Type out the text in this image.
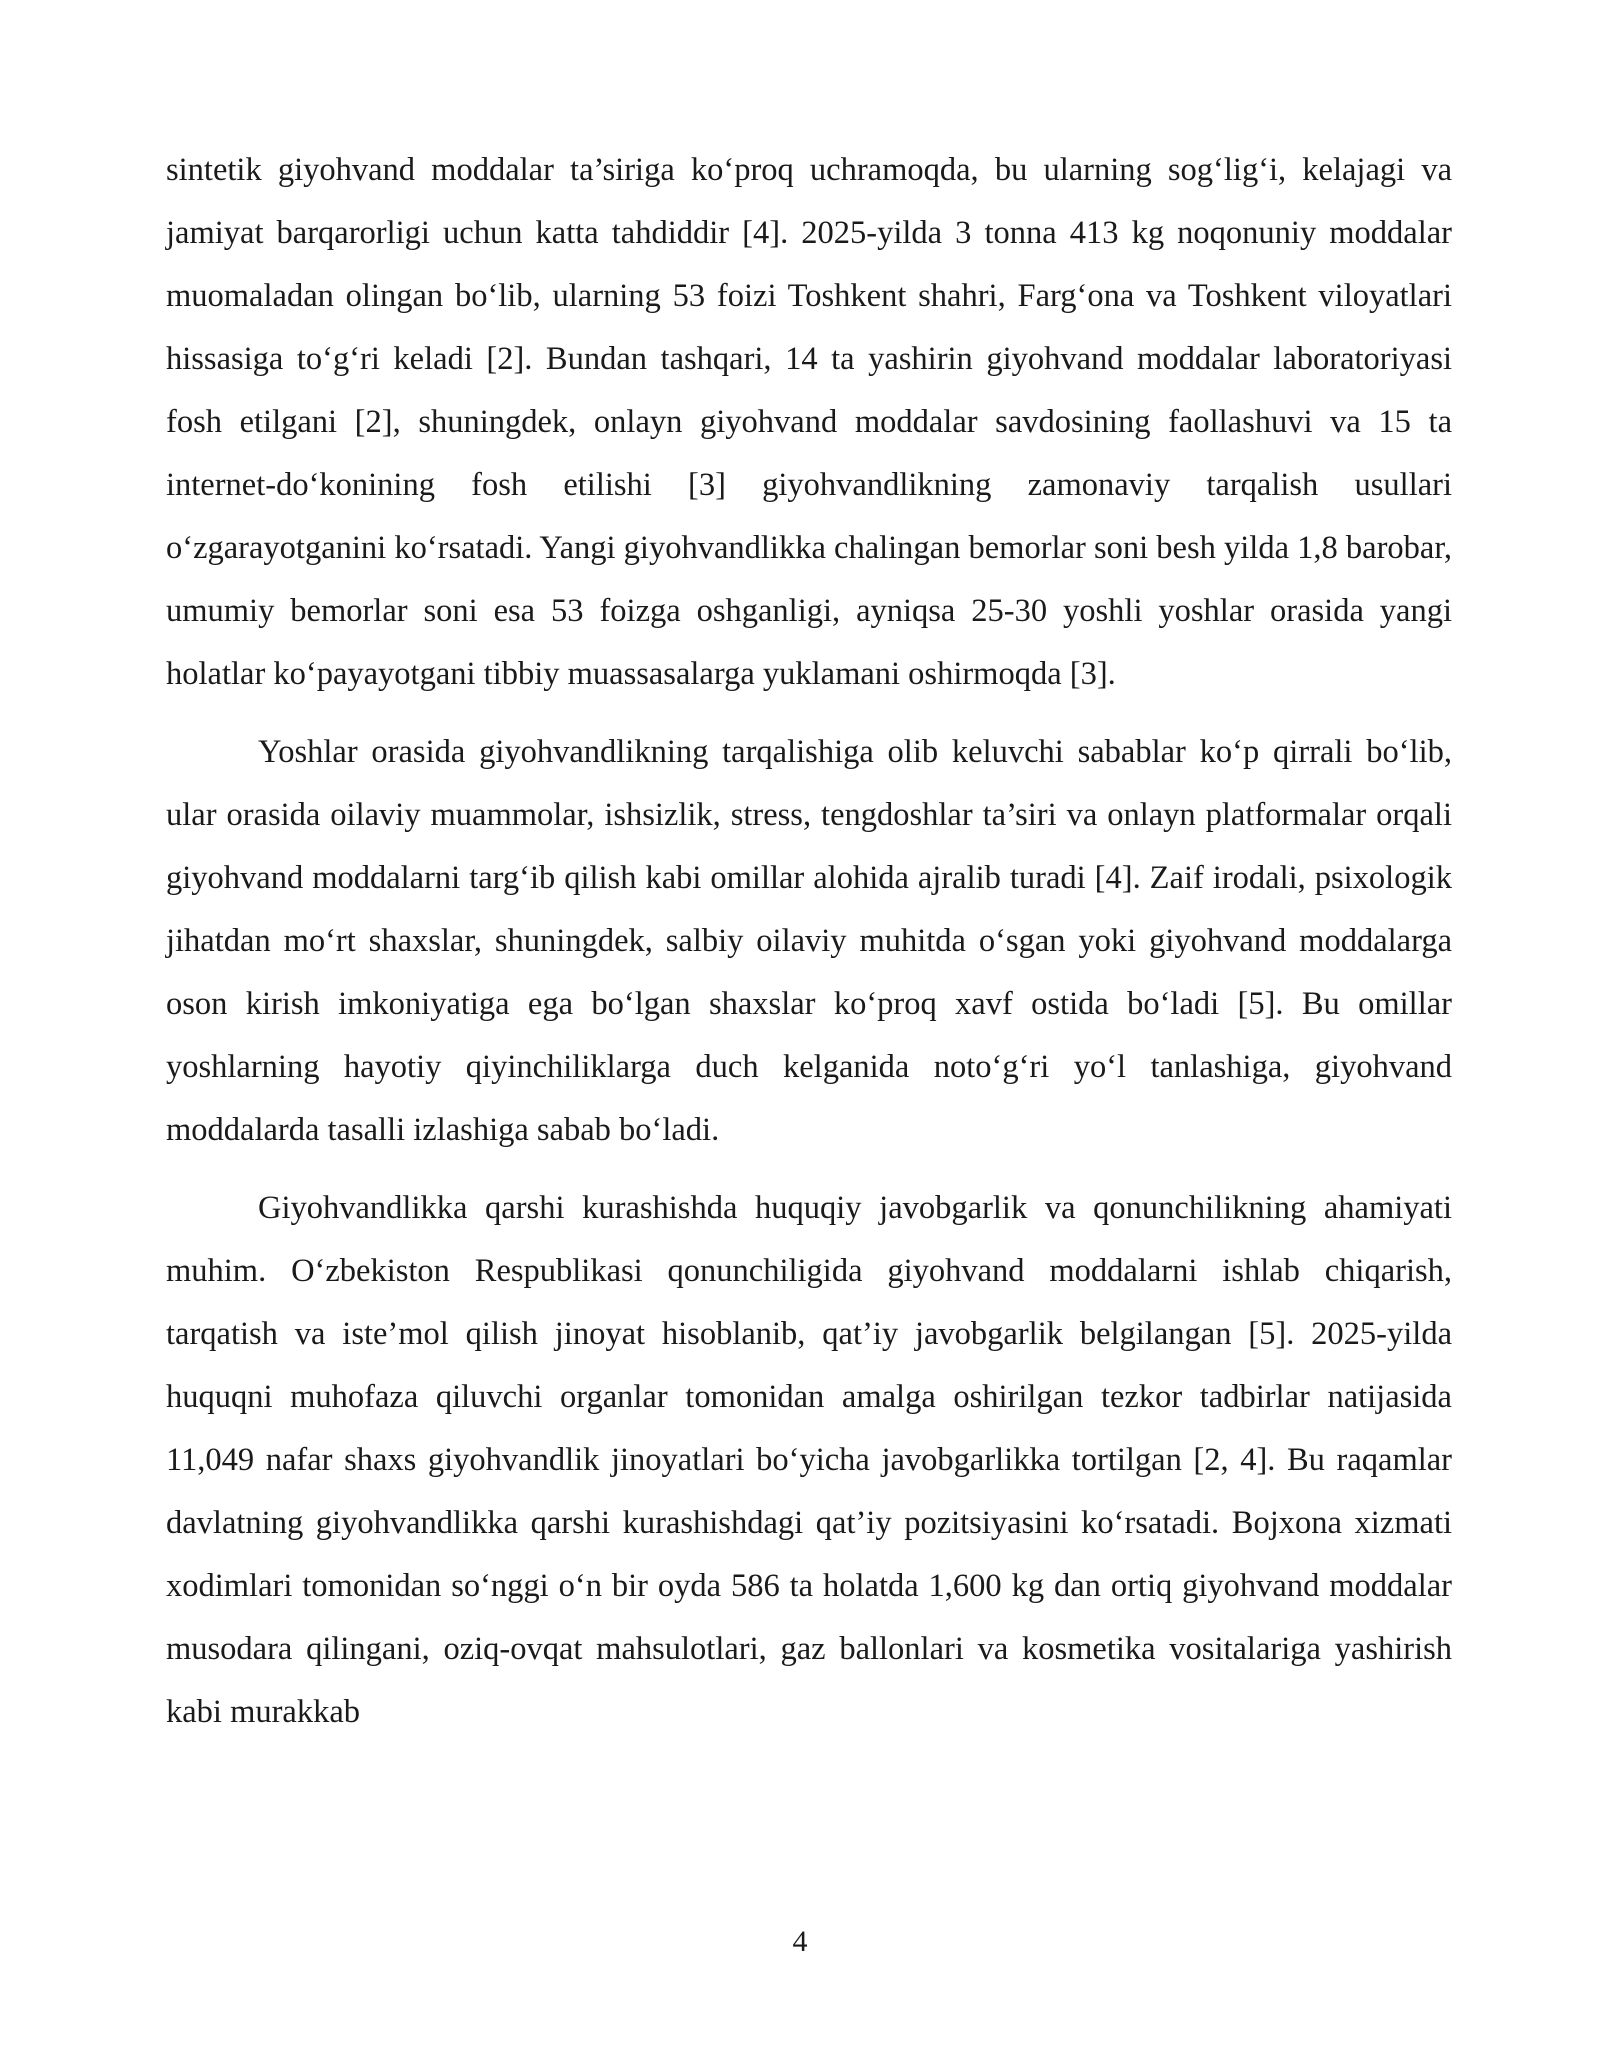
sintetik giyohvand moddalar ta’siriga ko‘proq uchramoqda, bu ularning sog‘lig‘i, kelajagi va jamiyat barqarorligi uchun katta tahdiddir [4]. 2025-yilda 3 tonna 413 kg noqonuniy moddalar muomaladan olingan bo‘lib, ularning 53 foizi Toshkent shahri, Farg‘ona va Toshkent viloyatlari hissasiga to‘g‘ri keladi [2]. Bundan tashqari, 14 ta yashirin giyohvand moddalar laboratoriyasi fosh etilgani [2], shuningdek, onlayn giyohvand moddalar savdosining faollashuvi va 15 ta internet-do‘konining fosh etilishi [3] giyohvandlikning zamonaviy tarqalish usullari o‘zgarayotganini ko‘rsatadi. Yangi giyohvandlikka chalingan bemorlar soni besh yilda 1,8 barobar, umumiy bemorlar soni esa 53 foizga oshganligi, ayniqsa 25-30 yoshli yoshlar orasida yangi holatlar ko‘payayotgani tibbiy muassasalarga yuklamani oshirmoqda [3].

Yoshlar orasida giyohvandlikning tarqalishiga olib keluvchi sabablar ko‘p qirrali bo‘lib, ular orasida oilaviy muammolar, ishsizlik, stress, tengdoshlar ta’siri va onlayn platformalar orqali giyohvand moddalarni targ‘ib qilish kabi omillar alohida ajralib turadi [4]. Zaif irodali, psixologik jihatdan mo‘rt shaxslar, shuningdek, salbiy oilaviy muhitda o‘sgan yoki giyohvand moddalarga oson kirish imkoniyatiga ega bo‘lgan shaxslar ko‘proq xavf ostida bo‘ladi [5]. Bu omillar yoshlarning hayotiy qiyinchiliklarga duch kelganida noto‘g‘ri yo‘l tanlashiga, giyohvand moddalarda tasalli izlashiga sabab bo‘ladi.

Giyohvandlikka qarshi kurashishda huquqiy javobgarlik va qonunchilikning ahamiyati muhim. O‘zbekiston Respublikasi qonunchiligida giyohvand moddalarni ishlab chiqarish, tarqatish va iste’mol qilish jinoyat hisoblanib, qat’iy javobgarlik belgilangan [5]. 2025-yilda huquqni muhofaza qiluvchi organlar tomonidan amalga oshirilgan tezkor tadbirlar natijasida 11,049 nafar shaxs giyohvandlik jinoyatlari bo‘yicha javobgarlikka tortilgan [2, 4]. Bu raqamlar davlatning giyohvandlikka qarshi kurashishdagi qat’iy pozitsiyasini ko‘rsatadi. Bojxona xizmati xodimlari tomonidan so‘nggi o‘n bir oyda 586 ta holatda 1,600 kg dan ortiq giyohvand moddalar musodara qilingani, oziq-ovqat mahsulotlari, gaz ballonlari va kosmetika vositalariga yashirish kabi murakkab

4
